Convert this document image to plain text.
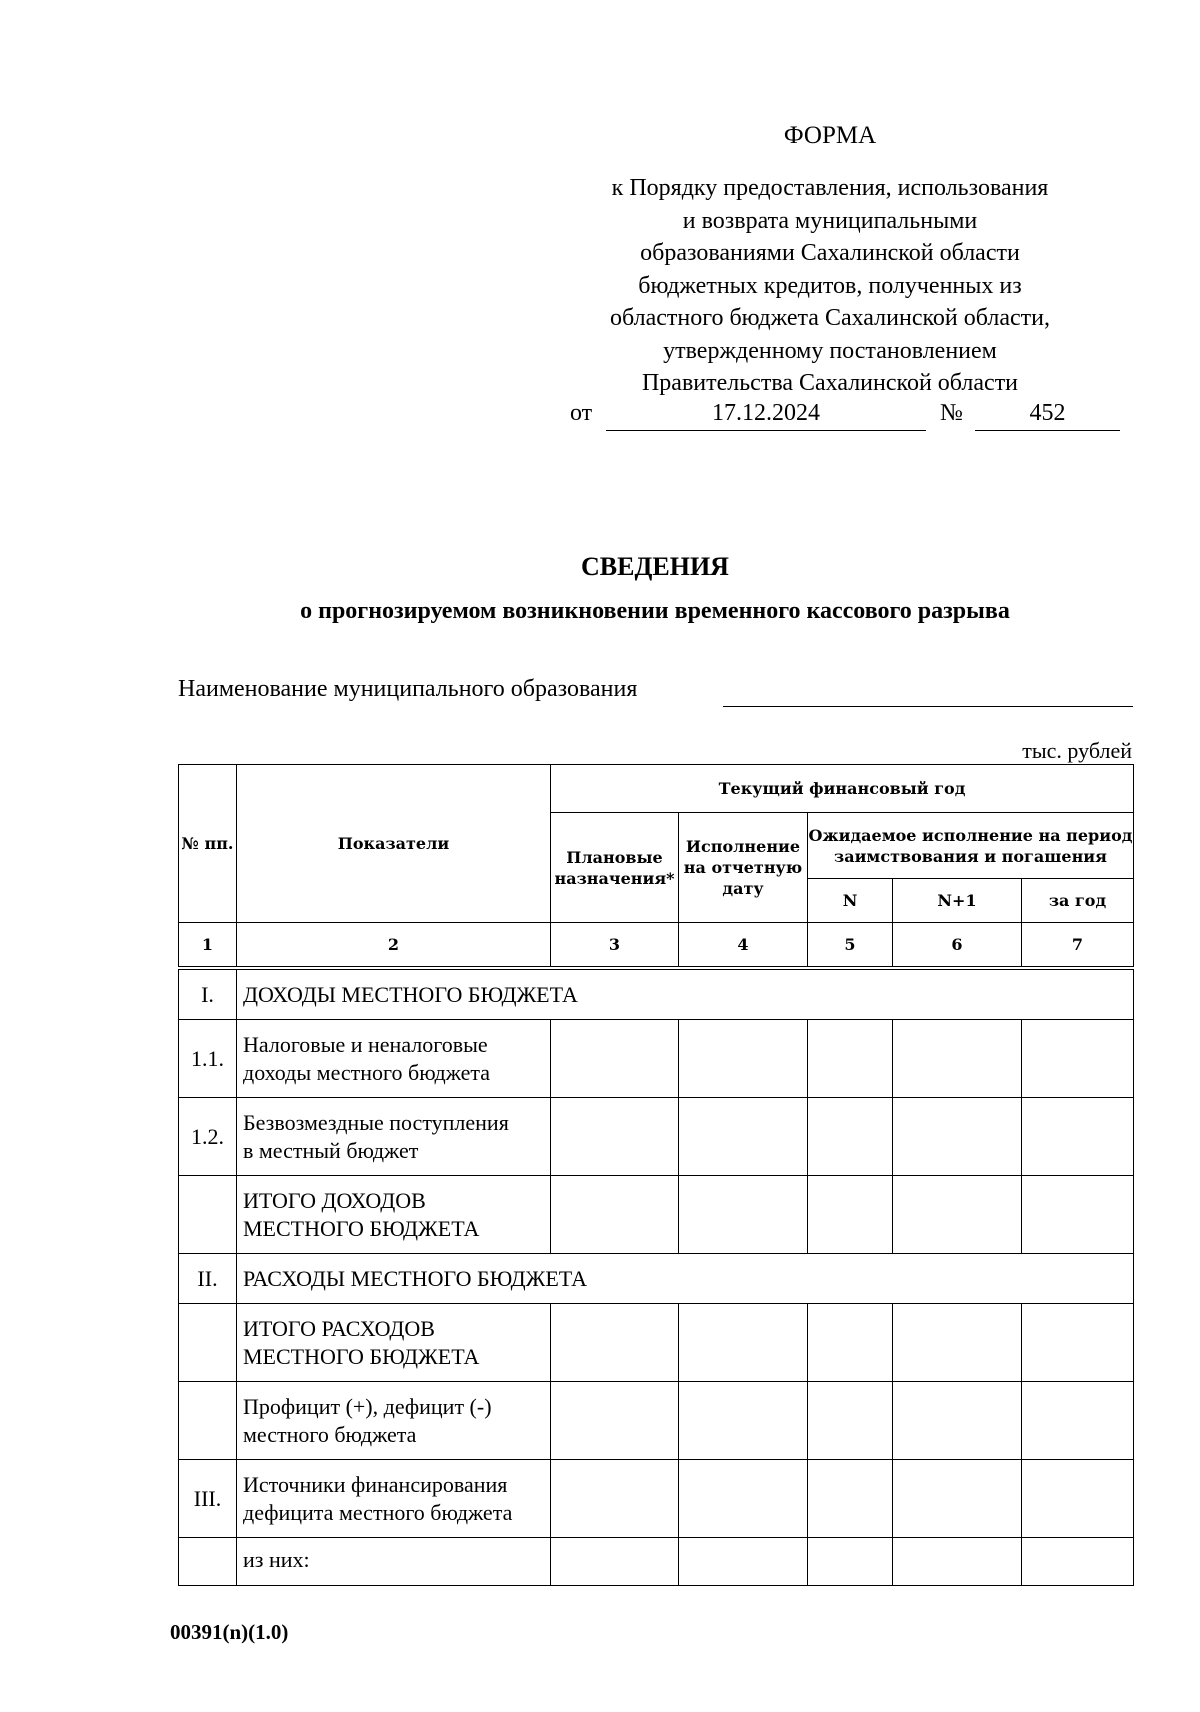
ФОРМА
к Порядку предоставления, использования
и возврата муниципальными
образованиями Сахалинской области
бюджетных кредитов, полученных из
областного бюджета Сахалинской области,
утвержденному постановлением
Правительства Сахалинской области
от	17.12.2024	№	452
СВЕДЕНИЯ
о прогнозируемом возникновении временного кассового разрыва
Наименование муниципального образования
тыс. рублей
№ пп.	Показатели	Текущий финансовый год				
		Плановые назначения*	Исполнение на отчетную дату	Ожидаемое исполнение на период заимствования и погашения		
				N	N+1	за год
1	2	3	4	5	6	7

I.	ДОХОДЫ МЕСТНОГО БЮДЖЕТА					
1.1.	Налоговые и неналоговые
доходы местного бюджета					

1.2.	Безвозмездные поступления
в местный бюджет					

	ИТОГО ДОХОДОВ
МЕСТНОГО БЮДЖЕТА					

II.	РАСХОДЫ МЕСТНОГО БЮДЖЕТА					

	ИТОГО РАСХОДОВ
МЕСТНОГО БЮДЖЕТА					

	Профицит (+), дефицит (-)
местного бюджета					

III.	Источники финансирования
дефицита местного бюджета					

	из них:					
00391(n)(1.0)
